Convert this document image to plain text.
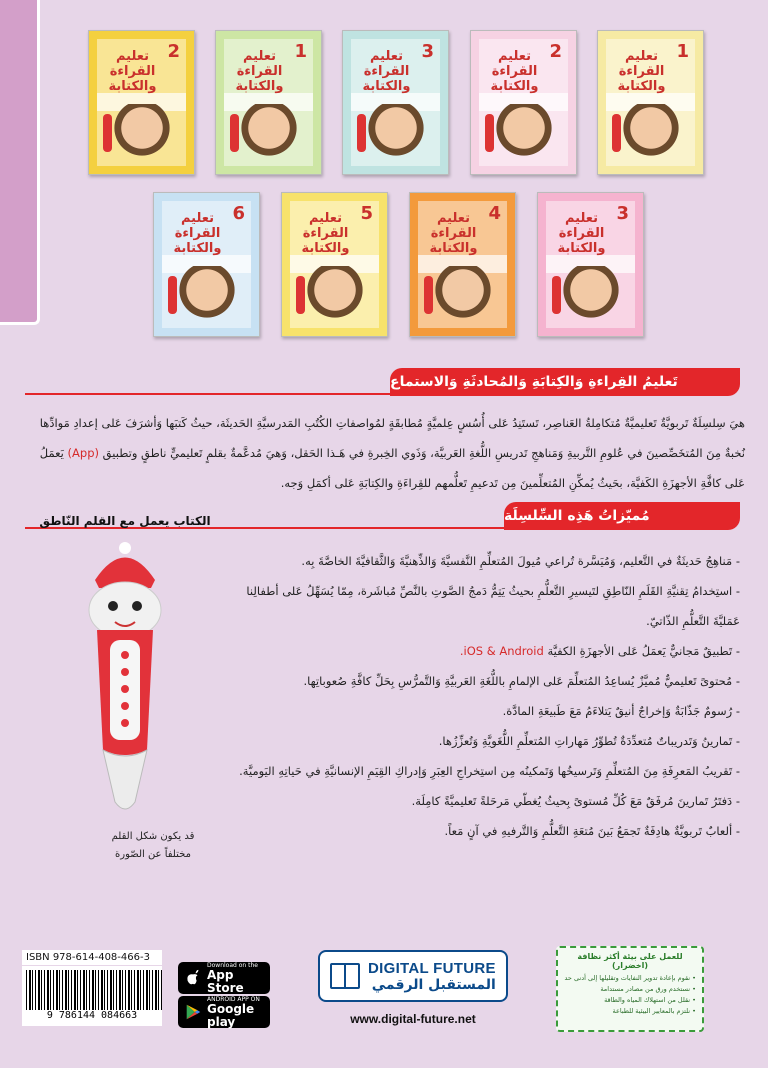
1
تعليم القراءة والكتابة
2
تعليم القراءة والكتابة
3
تعليم القراءة والكتابة
1
تعليم القراءة والكتابة
2
تعليم القراءة والكتابة
3
تعليم القراءة والكتابة
4
تعليم القراءة والكتابة
5
تعليم القراءة والكتابة
6
تعليم القراءة والكتابة
تَعليمُ القِراءةِ وَالكِتابَةِ وَالمُحادثَةِ وَالاستماع

هيَ سِلسِلَةٌ تَربويَّةٌ تَعليميَّةٌ مُتكامِلةُ العَناصِر، تَستَنِدُ عَلى أُسُسٍ عِلميَّةٍ مُطابقَةٍ لمُواصفاتِ الكُتُبِ المَدرسيَّةِ الحَديثَة، حيثُ كَتبَها وَأشرَفَ عَلى إعدادِ مَوادِّها نُخبةٌ مِنَ المُتخَصِّصينَ في عُلومِ التَّربيةِ وَمَناهجِ تَدريسِ اللُّغةِ العَربيَّة، وَذَوي الخِبرةِ في هَـذا الحَقل، وَهيَ مُدعَّمةٌ بقلمٍ تَعليميٍّ ناطقٍ وتطبيق (App) يَعمَلُ عَلى كافَّةِ الأجهزَةِ الكَفيَّة، بحَيثُ يُمكِّنِ المُتعلِّمينَ مِن تَدعيمِ تَعلُّمهم للقِراءَةِ والكِتابَةِ عَلى أكمَلِ وَجه.

مُميّزاتُ هَذِه السِّلسِلَة
الكتاب يعمل مع القلم النّاطق
- مَناهِجُ حَديثَةٌ في التَّعليم، وَمُيَسَّرة تُراعي مُيولَ المُتعلِّمِ النَّفسيَّةَ وَالذِّهنيَّةَ وَالثَّقافيَّةَ الخاصَّةَ بِه.
- استِخدامُ تِقنيَّةِ القَلَمِ النّاطِقِ لتَيسيرِ التَّعلُّمِ بحيثُ يَتِمُّ دَمجُ الصَّوتِ بالنَّصِّ مُباشَرة، مِمّا يُسَهِّلُ عَلى أطفالِنا عَمَليَّةَ التَّعلُّمِ الذّاتيّ.
- تَطبيقٌ مَجانيٌّ يَعمَلُ عَلى الأجهزَةِ الكفيَّة iOS & Android.
- مُحتوىً تَعليميٌّ مُميَّزٌ يُساعِدُ المُتعلِّمَ عَلى الإلمامِ باللُّغَةِ العَربيَّةِ وَالتَّمرُّسِ بِحَلِّ كافَّةِ صُعوباتِها.
- رُسومٌ جَذّابَةٌ وَإخراجٌ أنيقٌ يَتلاءَمُ مَعَ طَبيعَةِ المادَّة.
- تَمارينُ وَتَدريباتٌ مُتعدِّدَةٌ تُطوِّرُ مَهاراتِ المُتعلِّمِ اللُّغَويَّةِ وَتُعزِّزُها.
- تَقريبُ المَعرِفَةِ مِنَ المُتعلِّمِ وَتَرسيخُها وَتَمكينُه مِن استِخراجِ العِبَرِ وَإدراكِ القِيَمِ الإنسانيَّةِ في حَياتِهِ اليَوميَّة.
- دَفتَرُ تَمارينَ مُرفَقٌ مَعَ كُلِّ مُستوىً بِحيثُ يُغطّي مَرحَلةً تَعليميَّةً كامِلَة.
- ألعابٌ تَربويَّةٌ هادِفَةٌ تَجمَعُ بَينَ مُتعَةِ التَّعلُّمِ وَالتَّرفيهِ في آنٍ مَعاً.
قد يكون شكل القلم
مختلفاً عن الصّورة
ISBN 978-614-408-466-3
9 786144 084663
Download on the
App Store
ANDROID APP ON
Google play
DIGITAL FUTURE
المستقبل الرقمي
www.digital-future.net
للعمل على بيئة أكثر نظافة (اخضرار)
• نقوم بإعادة تدوير النفايات وتقليلها إلى أدنى حد
• نستخدم ورق من مصادر مستدامة
• نقلل من استهلاك المياه والطاقة
• نلتزم بالمعايير البيئية للطباعة
